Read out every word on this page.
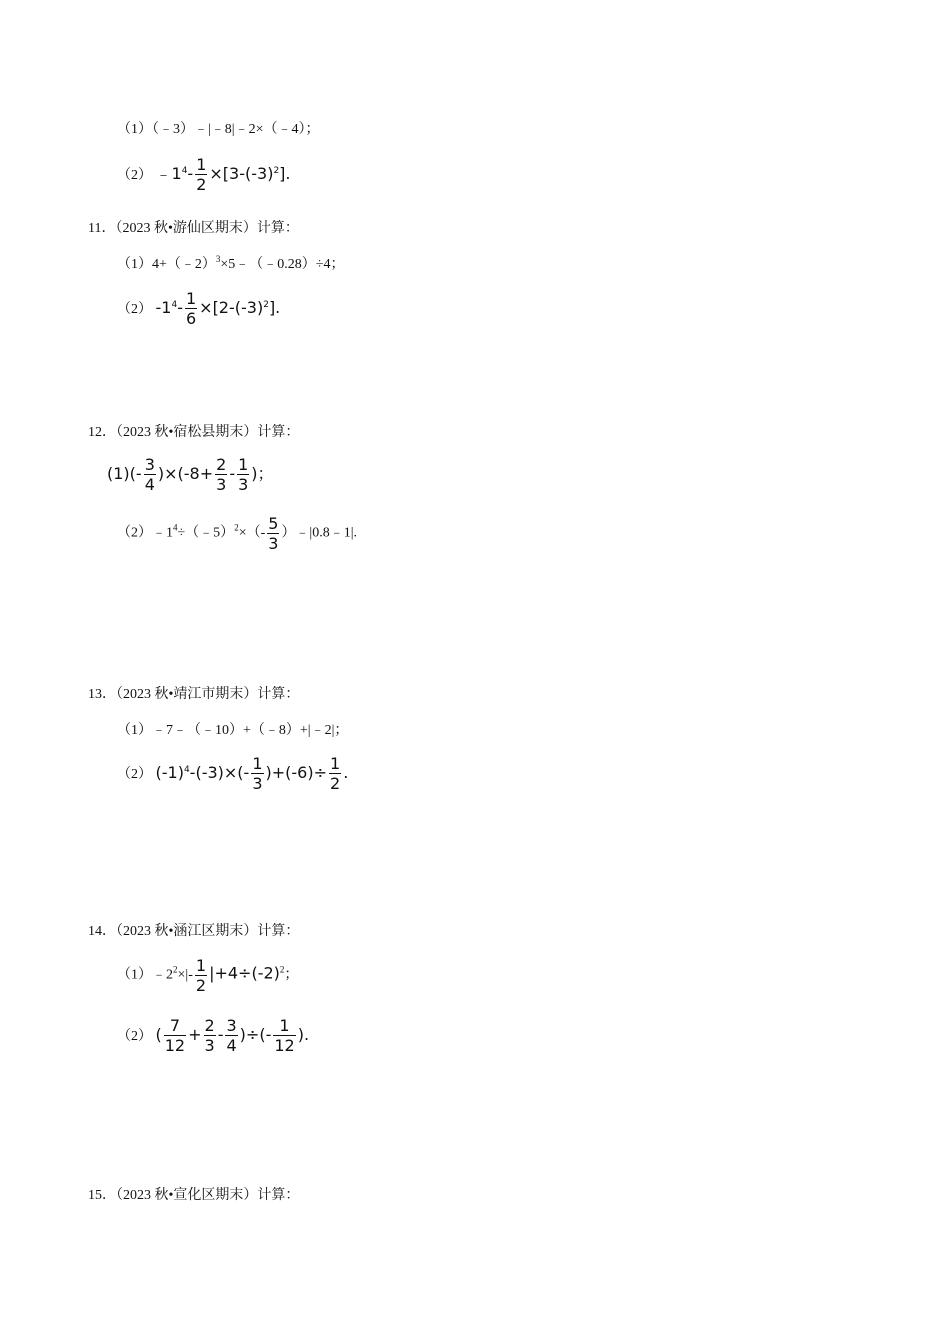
（1）（﹣3）﹣|﹣8|﹣2×（﹣4）；
（2） $﹣1^4- \frac{1}{2} \times[3-(-3)^2]$.
11．（2023 秋•游仙区期末）计算：
（1）4+（﹣2）$^3$×5﹣（﹣0.28）÷4；
（2） $-1^4- \frac{1}{6} \times[2-(-3)^2]$.
12．（2023 秋•宿松县期末）计算：
$(1)(- \frac{3}{4} )\times(-8+ \frac{2}{3} - \frac{1}{3}$ )；
$(2)﹣1^4\div(﹣5)^2\times(- \frac{5}{3}$ ）﹣|0.8﹣1|.
13．（2023 秋•靖江市期末）计算：
（1）﹣7﹣（﹣10）+（﹣8）+|﹣2|；
（2） $(-1)^4-(-3)\times(- \frac{1}{3} )+(-6)\div \frac{1}{2}$ .
14．（2023 秋•涵江区期末）计算：
$(1)﹣2^2\times|- \frac{1}{2} |+4\div(-2)^2$；
（2） ( $\frac{7}{12} + \frac{2}{3} - \frac{3}{4}$ )÷(- $\frac{1}{12}$ ).
15．（2023 秋•宣化区期末）计算：
